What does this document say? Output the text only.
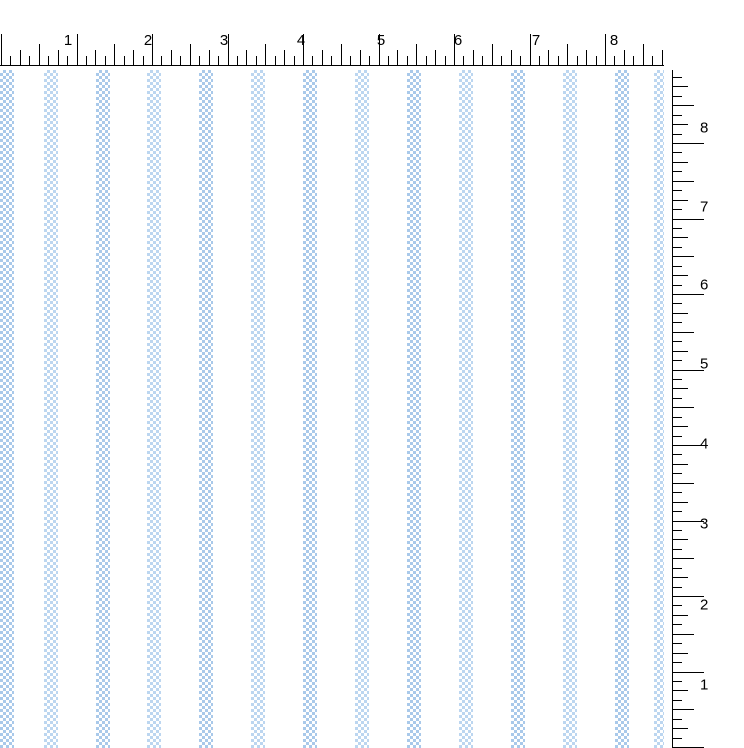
1	2	3	4	5	6	7	8
1
2
3
4
5
6
7
8
